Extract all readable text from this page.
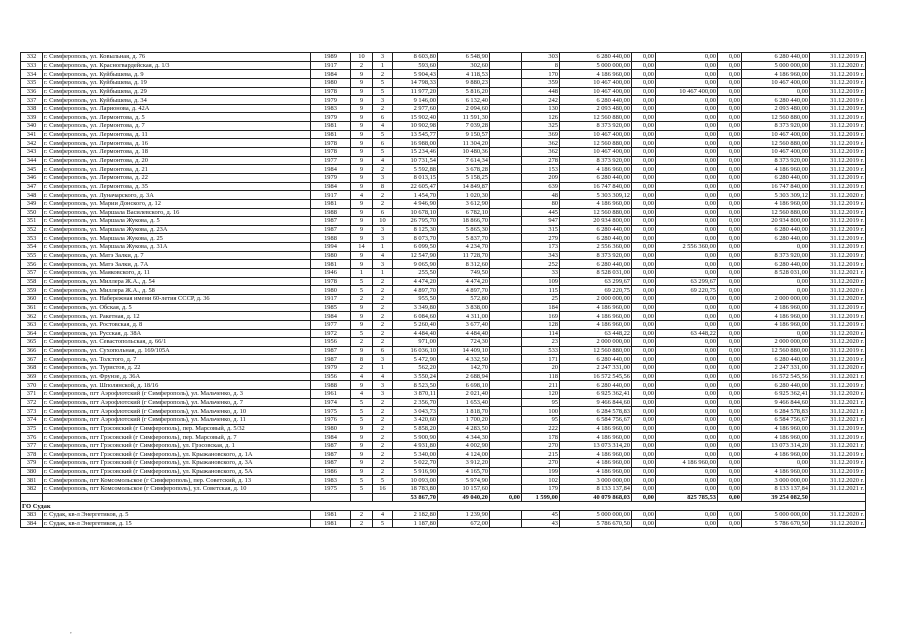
332	г. Симферополь, ул. Ковыльная, д. 76	1989	10	3	8 603,80	6 548,90		303	6 280 440,00	0,00	0,00	0,00	6 280 440,00	31.12.2019 г.
333	г. Симферополь, ул. Красногвардейская, д. 1/3	1917	2	1	593,60	302,60		8	5 000 000,00	0,00	0,00	0,00	5 000 000,00	31.12.2020 г.
334	г. Симферополь, ул. Куйбышева, д. 9	1984	9	2	5 904,43	4 118,53		170	4 186 960,00	0,00	0,00	0,00	4 186 960,00	31.12.2019 г.
335	г. Симферополь, ул. Куйбышева, д. 19	1980	9	5	14 798,33	9 880,23		359	10 467 400,00	0,00	0,00	0,00	10 467 400,00	31.12.2019 г.
336	г. Симферополь, ул. Куйбышева, д. 29	1978	9	5	11 977,20	5 816,20		448	10 467 400,00	0,00	10 467 400,00	0,00	0,00	31.12.2019 г.
337	г. Симферополь, ул. Куйбышева, д. 34	1979	9	3	9 146,00	6 132,40		242	6 280 440,00	0,00	0,00	0,00	6 280 440,00	31.12.2019 г.
338	г. Симферополь, ул. Ларионова, д. 42А	1983	9	2	2 977,60	2 094,60		130	2 093 480,00	0,00	0,00	0,00	2 093 480,00	31.12.2019 г.
339	г. Симферополь, ул. Лермонтова, д. 5	1979	9	6	15 902,40	11 591,30		126	12 560 880,00	0,00	0,00	0,00	12 560 880,00	31.12.2019 г.
340	г. Симферополь, ул. Лермонтова, д. 7	1981	9	4	10 902,98	7 039,28		325	8 373 920,00	0,00	0,00	0,00	8 373 920,00	31.12.2019 г.
341	г. Симферополь, ул. Лермонтова, д. 11	1981	9	5	13 545,77	9 150,57		369	10 467 400,00	0,00	0,00	0,00	10 467 400,00	31.12.2019 г.
342	г. Симферополь, ул. Лермонтова, д. 16	1978	9	6	16 988,00	11 304,20		362	12 560 880,00	0,00	0,00	0,00	12 560 880,00	31.12.2019 г.
343	г. Симферополь, ул. Лермонтова, д. 18	1978	9	5	15 234,46	10 480,36		362	10 467 400,00	0,00	0,00	0,00	10 467 400,00	31.12.2019 г.
344	г. Симферополь, ул. Лермонтова, д. 20	1977	9	4	10 731,54	7 614,34		278	8 373 920,00	0,00	0,00	0,00	8 373 920,00	31.12.2019 г.
345	г. Симферополь, ул. Лермонтова, д. 21	1984	9	2	5 592,88	3 678,28		153	4 186 960,00	0,00	0,00	0,00	4 186 960,00	31.12.2019 г.
346	г. Симферополь, ул. Лермонтова, д. 22	1979	9	3	8 013,15	5 158,25		209	6 280 440,00	0,00	0,00	0,00	6 280 440,00	31.12.2019 г.
347	г. Симферополь, ул. Лермонтова, д. 35	1984	9	8	22 605,47	14 849,87		639	16 747 840,00	0,00	0,00	0,00	16 747 840,00	31.12.2019 г.
348	г. Симферополь, ул. Луначарского, д. 3А	1917	4	2	1 454,70	1 020,30		48	5 303 309,12	0,00	0,00	0,00	5 303 309,12	31.12.2020 г.
349	г. Симферополь, ул. Марии Донского, д. 12	1981	9	2	4 946,90	3 612,90		80	4 186 960,00	0,00	0,00	0,00	4 186 960,00	31.12.2019 г.
350	г. Симферополь, ул. Маршала Василевского, д. 16	1988	9	6	10 678,10	6 782,10		445	12 560 880,00	0,00	0,00	0,00	12 560 880,00	31.12.2019 г.
351	г. Симферополь, ул. Маршала Жукова, д. 5	1987	9	10	26 795,70	18 866,70		947	20 934 800,00	0,00	0,00	0,00	20 934 800,00	31.12.2019 г.
352	г. Симферополь, ул. Маршала Жукова, д. 23А	1987	9	3	8 125,30	5 865,30		315	6 280 440,00	0,00	0,00	0,00	6 280 440,00	31.12.2019 г.
353	г. Симферополь, ул. Маршала Жукова, д. 25	1988	9	3	8 073,70	5 837,70		279	6 280 440,00	0,00	0,00	0,00	6 280 440,00	31.12.2019 г.
354	г. Симферополь, ул. Маршала Жукова, д. 31А	1994	14	1	6 099,50	4 234,70		173	2 556 360,00	0,00	2 556 360,00	0,00	0,00	31.12.2019 г.
355	г. Симферополь, ул. Матэ Залки, д. 7	1980	9	4	12 547,90	11 728,70		343	8 373 920,00	0,00	0,00	0,00	8 373 920,00	31.12.2019 г.
356	г. Симферополь, ул. Матэ Залки, д. 7А	1981	9	3	9 065,90	8 312,60		252	6 280 440,00	0,00	0,00	0,00	6 280 440,00	31.12.2019 г.
357	г. Симферополь, ул. Маяковского, д. 11	1946	1	1	255,50	749,50		33	8 528 031,00	0,00	0,00	0,00	8 528 031,00	31.12.2021 г.
358	г. Симферополь, ул. Миллера Ж.А., д. 54	1978	5	2	4 474,20	4 474,20		109	63 299,67	0,00	63 299,67	0,00	0,00	31.12.2020 г.
359	г. Симферополь, ул. Миллера Ж.А., д. 58	1980	5	2	4 897,70	4 897,70		115	69 220,75	0,00	69 220,75	0,00	0,00	31.12.2020 г.
360	г. Симферополь, ул. Набережная имени 60-летия СССР, д. 36	1917	2	2	955,50	572,80		25	2 000 000,00	0,00	0,00	0,00	2 000 000,00	31.12.2020 г.
361	г. Симферополь, ул. Обская, д. 5	1985	9	2	3 349,80	3 838,00		184	4 186 960,00	0,00	0,00	0,00	4 186 960,00	31.12.2019 г.
362	г. Симферополь, ул. Ракетная, д. 12	1984	9	2	6 084,60	4 311,00		169	4 186 960,00	0,00	0,00	0,00	4 186 960,00	31.12.2019 г.
363	г. Симферополь, ул. Ростовская, д. 8	1977	9	2	5 260,40	3 677,40		128	4 186 960,00	0,00	0,00	0,00	4 186 960,00	31.12.2019 г.
364	г. Симферополь, ул. Русская, д. 38А	1972	5	2	4 484,40	4 484,40		114	63 448,22	0,00	63 448,22	0,00	0,00	31.12.2020 г.
365	г. Симферополь, ул. Севастопольская, д. 66/1	1956	2	2	971,00	724,30		23	2 000 000,00	0,00	0,00	0,00	2 000 000,00	31.12.2020 г.
366	г. Симферополь, ул. Сухопольная, д. 169/105А	1987	9	6	16 036,10	14 409,10		533	12 560 880,00	0,00	0,00	0,00	12 560 880,00	31.12.2019 г.
367	г. Симферополь, ул. Толстого, д. 7	1987	8	3	5 472,90	4 332,50		171	6 280 440,00	0,00	0,00	0,00	6 280 440,00	31.12.2019 г.
368	г. Симферополь, ул. Туристов, д. 22	1979	2	1	562,20	142,70		20	2 247 331,00	0,00	0,00	0,00	2 247 331,00	31.12.2020 г.
369	г. Симферополь, ул. Фрунзе, д. 36А	1956	4	4	3 550,24	2 688,94		118	16 572 545,56	0,00	0,00	0,00	16 572 545,56	31.12.2021 г.
370	г. Симферополь, ул. Шполянской, д. 18/16	1988	9	3	8 523,50	6 698,10		211	6 280 440,00	0,00	0,00	0,00	6 280 440,00	31.12.2019 г.
371	г. Симферополь, пгт Аэрофлотский (г Симферополь), ул. Мальченко, д. 3	1961	4	3	3 870,11	2 021,40		120	6 925 362,41	0,00	0,00	0,00	6 925 362,41	31.12.2020 г.
372	г. Симферополь, пгт Аэрофлотский (г Симферополь), ул. Мальченко, д. 7	1974	5	2	2 356,70	1 653,40		95	9 466 844,60	0,00	0,00	0,00	9 466 844,60	31.12.2021 г.
373	г. Симферополь, пгт Аэрофлотский (г Симферополь), ул. Мальченко, д. 10	1975	5	2	3 043,73	1 818,70		100	6 284 578,83	0,00	0,00	0,00	6 284 578,83	31.12.2021 г.
374	г. Симферополь, пгт Аэрофлотский (г Симферополь), ул. Мальченко, д. 11	1976	5	2	3 420,60	1 700,20		95	6 584 756,67	0,00	0,00	0,00	6 584 756,67	31.12.2021 г.
375	г. Симферополь, пгт Грэсовский (г Симферополь), пер. Марсовый, д. 5/32	1980	9	2	5 858,20	4 283,50		222	4 186 960,00	0,00	0,00	0,00	4 186 960,00	31.12.2019 г.
376	г. Симферополь, пгт Грэсовский (г Симферополь), пер. Марсовый, д. 7	1984	9	2	5 900,90	4 344,30		178	4 186 960,00	0,00	0,00	0,00	4 186 960,00	31.12.2019 г.
377	г. Симферополь, пгт Грэсовский (г Симферополь), ул. Грэсовская, д. 1	1987	9	2	4 931,80	4 002,90		270	13 073 314,20	0,00	0,00	0,00	13 073 314,20	31.12.2021 г.
378	г. Симферополь, пгт Грэсовский (г Симферополь), ул. Крыжановского, д. 1А	1987	9	2	5 340,00	4 124,00		215	4 186 960,00	0,00	0,00	0,00	4 186 960,00	31.12.2019 г.
379	г. Симферополь, пгт Грэсовский (г Симферополь), ул. Крыжановского, д. 3А	1987	9	2	5 022,70	3 912,20		270	4 186 960,00	0,00	4 186 960,00	0,00	0,00	31.12.2019 г.
380	г. Симферополь, пгт Грэсовский (г Симферополь), ул. Крыжановского, д. 5А	1986	9	2	5 916,90	4 165,70		199	4 186 960,00	0,00	0,00	0,00	4 186 960,00	31.12.2019 г.
381	г. Симферополь, пгт Комсомольское (г Симферополь), пер. Советский, д. 13	1983	5	5	10 093,00	5 974,90		102	3 000 000,00	0,00	0,00	0,00	3 000 000,00	31.12.2020 г.
382	г. Симферополь, пгт Комсомольское (г Симферополь), ул. Советская, д. 10	1975	5	16	18 783,80	10 157,60		179	8 133 137,84	0,00	0,00	0,00	8 133 137,84	31.12.2021 г.
					53 867,70	49 040,20	0,00	1 599,00	40 079 868,03	0,00	825 785,53	0,00	39 254 082,50	
ГО Судак														
383	г. Судак, кв-л Энергетиков, д. 5	1981	2	4	2 182,80	1 239,90		45	5 000 000,00	0,00	0,00	0,00	5 000 000,00	31.12.2020 г.
384	г. Судак, кв-л Энергетиков, д. 15	1981	2	5	1 187,80	672,00		43	5 786 670,50	0,00	0,00	0,00	5 786 670,50	31.12.2020 г.
,
